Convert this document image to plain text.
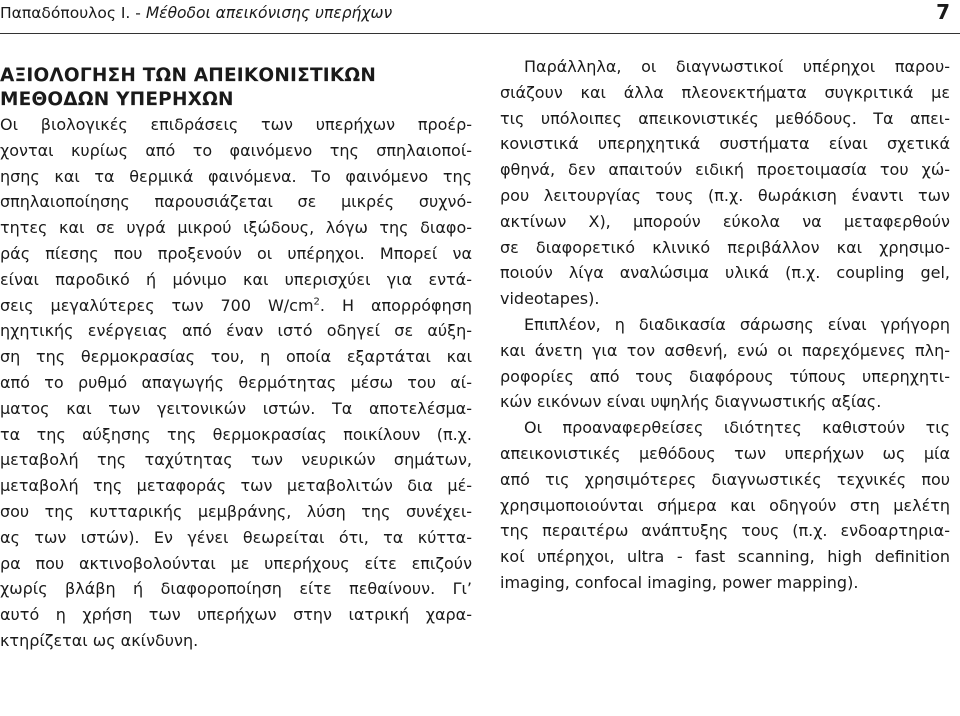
Παπαδόπουλος Ι. - Μέθοδοι απεικόνισης υπερήχων	7
ΑΞΙΟΛΟΓΗΣΗ ΤΩΝ ΑΠΕΙΚΟΝΙΣΤΙΚΩΝ
ΜΕΘΟΔΩΝ ΥΠΕΡΗΧΩΝ
Οι βιολογικές επιδράσεις των υπερήχων προέρ-
χονται κυρίως από το φαινόμενο της σπηλαιοποί-
ησης και τα θερμικά φαινόμενα. Το φαινόμενο της
σπηλαιοποίησης παρουσιάζεται σε μικρές συχνό-
τητες και σε υγρά μικρού ιξώδους, λόγω της διαφο-
ράς πίεσης που προξενούν οι υπέρηχοι. Μπορεί να
είναι παροδικό ή μόνιμο και υπερισχύει για εντά-
σεις μεγαλύτερες των 700 $W/cm^2$. Η απορρόφηση
ηχητικής ενέργειας από έναν ιστό οδηγεί σε αύξη-
ση της θερμοκρασίας του, η οποία εξαρτάται και
από το ρυθμό απαγωγής θερμότητας μέσω του αί-
ματος και των γειτονικών ιστών. Τα αποτελέσμα-
τα της αύξησης της θερμοκρασίας ποικίλουν (π.χ.
μεταβολή της ταχύτητας των νευρικών σημάτων,
μεταβολή της μεταφοράς των μεταβολιτών δια μέ-
σου της κυτταρικής μεμβράνης, λύση της συνέχει-
ας των ιστών). Εν γένει θεωρείται ότι, τα κύττα-
ρα που ακτινοβολούνται με υπερήχους είτε επιζούν
χωρίς βλάβη ή διαφοροποίηση είτε πεθαίνουν. Γι’
αυτό η χρήση των υπερήχων στην ιατρική χαρα-
κτηρίζεται ως ακίνδυνη.
Παράλληλα, οι διαγνωστικοί υπέρηχοι παρου-
σιάζουν και άλλα πλεονεκτήματα συγκριτικά με
τις υπόλοιπες απεικονιστικές μεθόδους. Τα απει-
κονιστικά υπερηχητικά συστήματα είναι σχετικά
φθηνά, δεν απαιτούν ειδική προετοιμασία του χώ-
ρου λειτουργίας τους (π.χ. θωράκιση έναντι των
ακτίνων Χ), μπορούν εύκολα να μεταφερθούν
σε διαφορετικό κλινικό περιβάλλον και χρησιμο-
ποιούν λίγα αναλώσιμα υλικά (π.χ. coupling gel,
videotapes).
Επιπλέον, η διαδικασία σάρωσης είναι γρήγορη
και άνετη για τον ασθενή, ενώ οι παρεχόμενες πλη-
ροφορίες από τους διαφόρους τύπους υπερηχητι-
κών εικόνων είναι υψηλής διαγνωστικής αξίας.
Οι προαναφερθείσες ιδιότητες καθιστούν τις
απεικονιστικές μεθόδους των υπερήχων ως μία
από τις χρησιμότερες διαγνωστικές τεχνικές που
χρησιμοποιούνται σήμερα και οδηγούν στη μελέτη
της περαιτέρω ανάπτυξης τους (π.χ. ενδοαρτηρια-
κοί υπέρηχοι, ultra - fast scanning, high definition
imaging, confocal imaging, power mapping).
